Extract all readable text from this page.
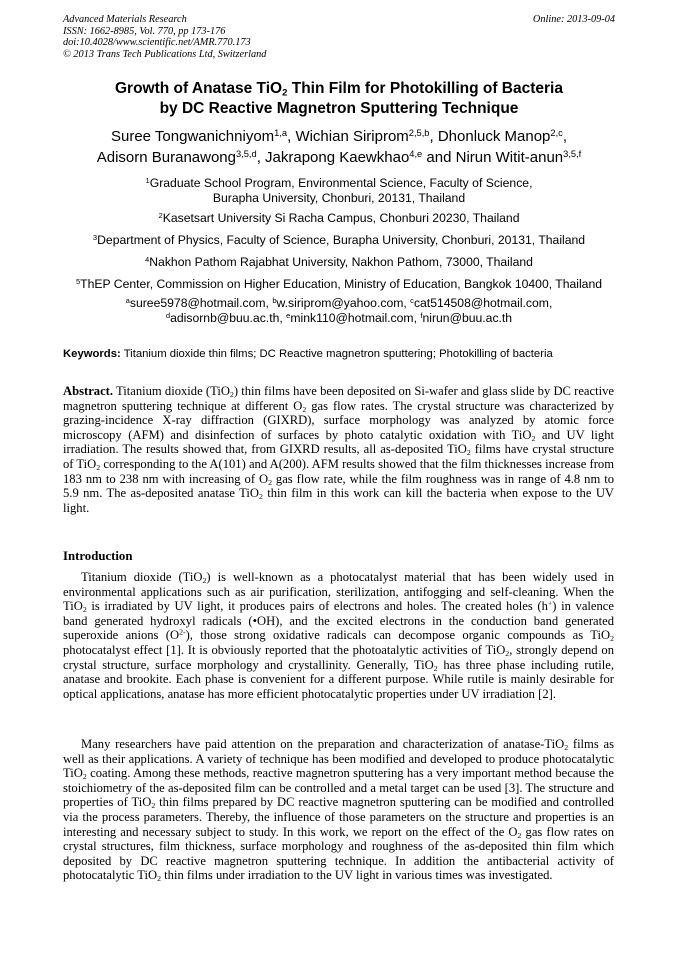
Advanced Materials Research
ISSN: 1662-8985, Vol. 770, pp 173-176
doi:10.4028/www.scientific.net/AMR.770.173
© 2013 Trans Tech Publications Ltd, Switzerland
Online: 2013-09-04
Growth of Anatase TiO$_2$ Thin Film for Photokilling of Bacteria
by DC Reactive Magnetron Sputtering Technique
Suree Tongwanichniyom$^{1,a}$, Wichian Siriprom$^{2,5,b}$, Dhonluck Manop$^{2,c}$,
Adisorn Buranawong$^{3,5,d}$, Jakrapong Kaewkhao$^{4,e}$ and Nirun Witit-anun$^{3,5,f}$
$^1$Graduate School Program, Environmental Science, Faculty of Science,
Burapha University, Chonburi, 20131, Thailand
$^2$Kasetsart University Si Racha Campus, Chonburi 20230, Thailand
$^3$Department of Physics, Faculty of Science, Burapha University, Chonburi, 20131, Thailand
$^4$Nakhon Pathom Rajabhat University, Nakhon Pathom, 73000, Thailand
$^5$ThEP Center, Commission on Higher Education, Ministry of Education, Bangkok 10400, Thailand
$^a$suree5978@hotmail.com, $^b$w.siriprom@yahoo.com, $^c$cat514508@hotmail.com,
$^d$adisornb@buu.ac.th, $^e$mink110@hotmail.com, $^f$nirun@buu.ac.th
Keywords: Titanium dioxide thin films; DC Reactive magnetron sputtering; Photokilling of bacteria
Abstract. Titanium dioxide (TiO$_2$) thin films have been deposited on Si-wafer and glass slide by DC reactive magnetron sputtering technique at different $O_2$ gas flow rates. The crystal structure was characterized by grazing-incidence X-ray diffraction (GIXRD), surface morphology was analyzed by atomic force microscopy (AFM) and disinfection of surfaces by photo catalytic oxidation with TiO$_2$ and UV light irradiation. The results showed that, from GIXRD results, all as-deposited TiO$_2$ films have crystal structure of TiO$_2$ corresponding to the A(101) and A(200). AFM results showed that the film thicknesses increase from 183 nm to 238 nm with increasing of $O_2$ gas flow rate, while the film roughness was in range of 4.8 nm to 5.9 nm. The as-deposited anatase TiO$_2$ thin film in this work can kill the bacteria when expose to the UV light.
Introduction
Titanium dioxide (TiO$_2$) is well-known as a photocatalyst material that has been widely used in environmental applications such as air purification, sterilization, antifogging and self-cleaning. When the TiO$_2$ is irradiated by UV light, it produces pairs of electrons and holes. The created holes (h+) in valence band generated hydroxyl radicals (•OH), and the excited electrons in the conduction band generated superoxide anions $(O^{2-})$, those strong oxidative radicals can decompose organic compounds as TiO$_2$ photocatalyst effect [1]. It is obviously reported that the photoatalytic activities of TiO$_2$, strongly depend on crystal structure, surface morphology and crystallinity. Generally, TiO$_2$ has three phase including rutile, anatase and brookite. Each phase is convenient for a different purpose. While rutile is mainly desirable for optical applications, anatase has more efficient photocatalytic properties under UV irradiation [2].
Many researchers have paid attention on the preparation and characterization of anatase-TiO$_2$ films as well as their applications. A variety of technique has been modified and developed to produce photocatalytic TiO$_2$ coating. Among these methods, reactive magnetron sputtering has a very important method because the stoichiometry of the as-deposited film can be controlled and a metal target can be used [3]. The structure and properties of TiO$_2$ thin films prepared by DC reactive magnetron sputtering can be modified and controlled via the process parameters. Thereby, the influence of those parameters on the structure and properties is an interesting and necessary subject to study. In this work, we report on the effect of the $O_2$ gas flow rates on crystal structures, film thickness, surface morphology and roughness of the as-deposited thin film which deposited by DC reactive magnetron sputtering technique. In addition the antibacterial activity of photocatalytic TiO$_2$ thin films under irradiation to the UV light in various times was investigated.
